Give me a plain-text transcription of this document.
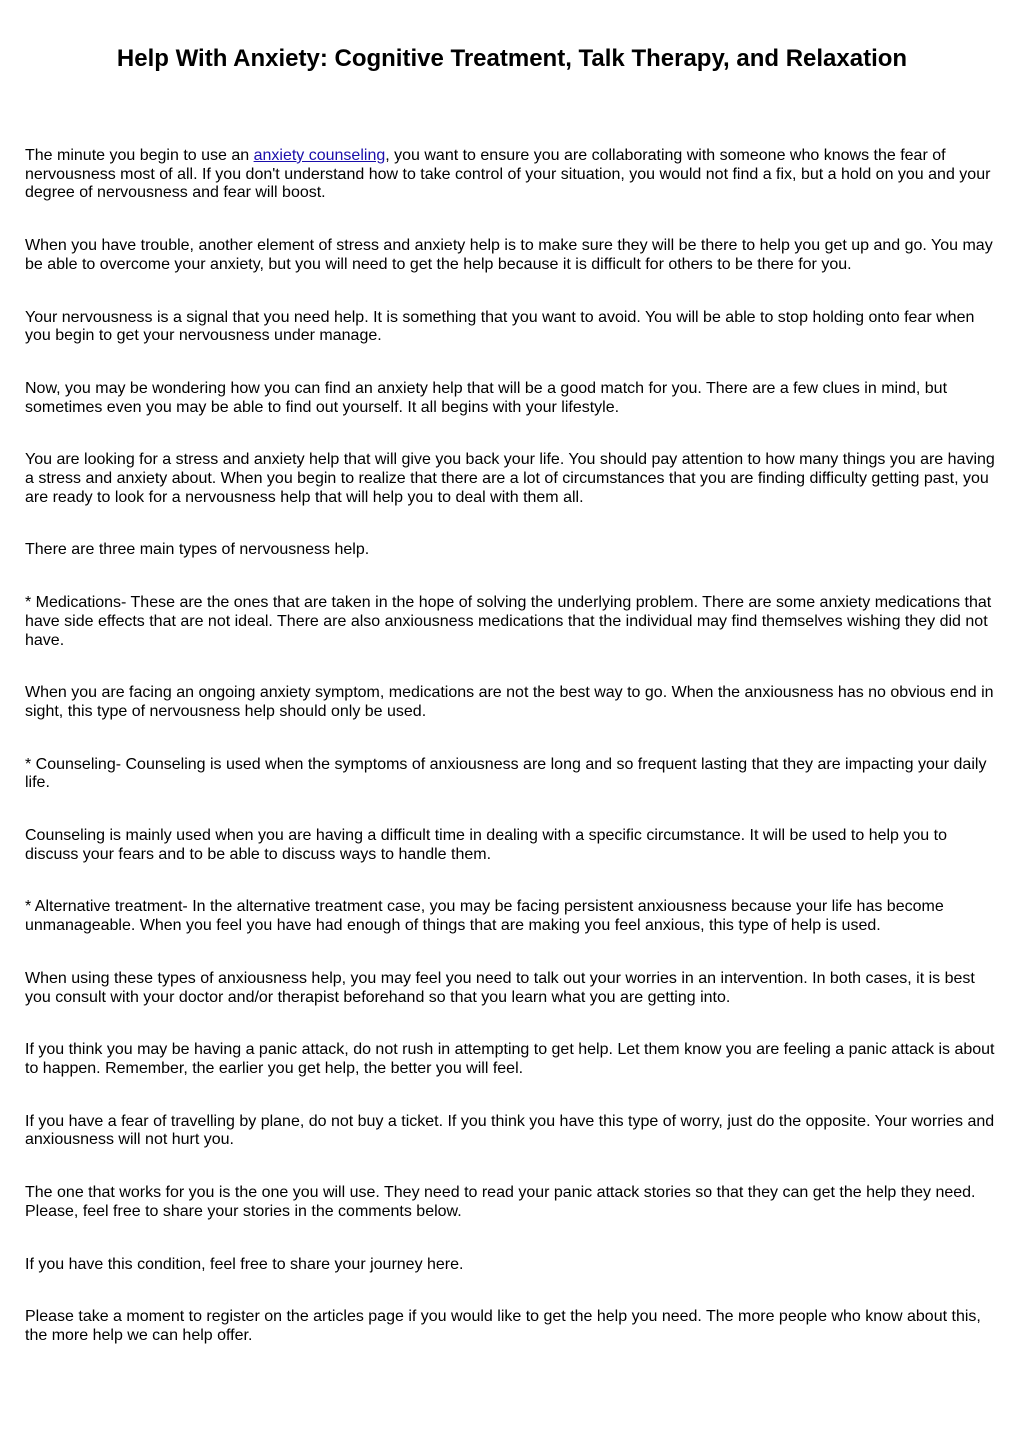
Help With Anxiety: Cognitive Treatment, Talk Therapy, and Relaxation

The minute you begin to use an anxiety counseling, you want to ensure you are collaborating with someone who knows the fear of nervousness most of all. If you don't understand how to take control of your situation, you would not find a fix, but a hold on you and your degree of nervousness and fear will boost.

When you have trouble, another element of stress and anxiety help is to make sure they will be there to help you get up and go. You may be able to overcome your anxiety, but you will need to get the help because it is difficult for others to be there for you.

Your nervousness is a signal that you need help. It is something that you want to avoid. You will be able to stop holding onto fear when you begin to get your nervousness under manage.

Now, you may be wondering how you can find an anxiety help that will be a good match for you. There are a few clues in mind, but sometimes even you may be able to find out yourself. It all begins with your lifestyle.

You are looking for a stress and anxiety help that will give you back your life. You should pay attention to how many things you are having a stress and anxiety about. When you begin to realize that there are a lot of circumstances that you are finding difficulty getting past, you are ready to look for a nervousness help that will help you to deal with them all.

There are three main types of nervousness help.

* Medications- These are the ones that are taken in the hope of solving the underlying problem. There are some anxiety medications that have side effects that are not ideal. There are also anxiousness medications that the individual may find themselves wishing they did not have.

When you are facing an ongoing anxiety symptom, medications are not the best way to go. When the anxiousness has no obvious end in sight, this type of nervousness help should only be used.

* Counseling- Counseling is used when the symptoms of anxiousness are long and so frequent lasting that they are impacting your daily life.

Counseling is mainly used when you are having a difficult time in dealing with a specific circumstance. It will be used to help you to discuss your fears and to be able to discuss ways to handle them.

* Alternative treatment- In the alternative treatment case, you may be facing persistent anxiousness because your life has become unmanageable. When you feel you have had enough of things that are making you feel anxious, this type of help is used.

When using these types of anxiousness help, you may feel you need to talk out your worries in an intervention. In both cases, it is best you consult with your doctor and/or therapist beforehand so that you learn what you are getting into.

If you think you may be having a panic attack, do not rush in attempting to get help. Let them know you are feeling a panic attack is about to happen. Remember, the earlier you get help, the better you will feel.

If you have a fear of travelling by plane, do not buy a ticket. If you think you have this type of worry, just do the opposite. Your worries and anxiousness will not hurt you.

The one that works for you is the one you will use. They need to read your panic attack stories so that they can get the help they need. Please, feel free to share your stories in the comments below.

If you have this condition, feel free to share your journey here.

Please take a moment to register on the articles page if you would like to get the help you need. The more people who know about this, the more help we can help offer.
